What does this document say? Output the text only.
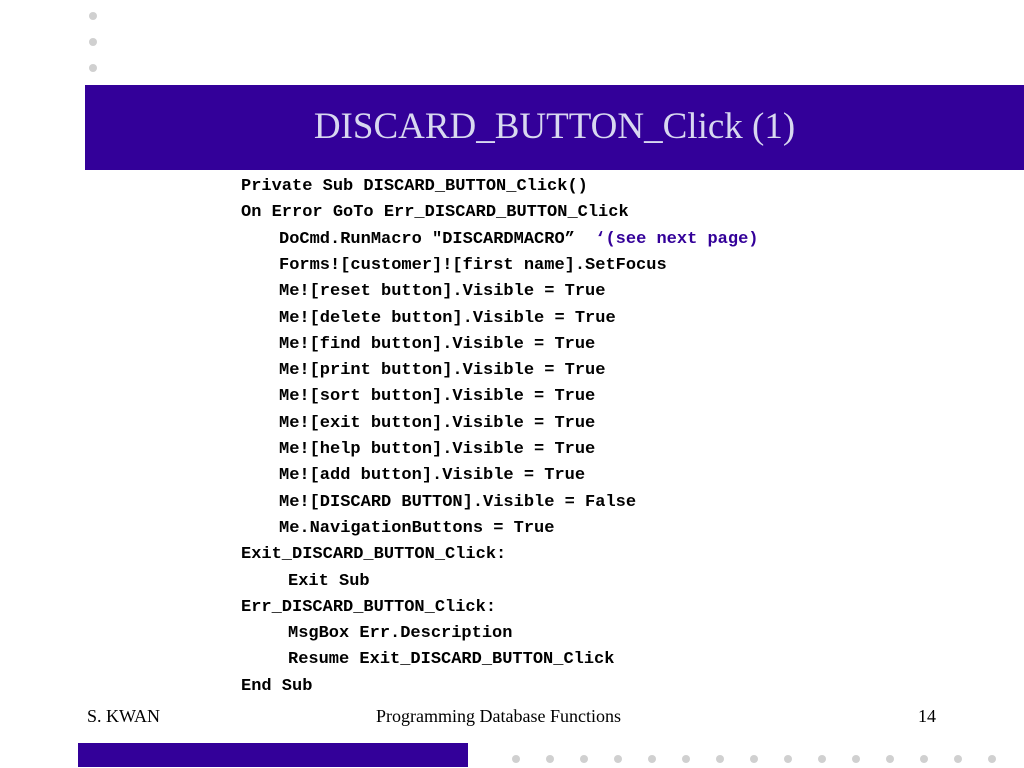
DISCARD_BUTTON_Click (1)
Private Sub DISCARD_BUTTON_Click()
On Error GoTo Err_DISCARD_BUTTON_Click
DoCmd.RunMacro "DISCARDMACRO” ‘(see next page)
Forms![customer]![first name].SetFocus
Me![reset button].Visible = True
Me![delete button].Visible = True
Me![find button].Visible = True
Me![print button].Visible = True
Me![sort button].Visible = True
Me![exit button].Visible = True
Me![help button].Visible = True
Me![add button].Visible = True
Me![DISCARD BUTTON].Visible = False
Me.NavigationButtons = True
Exit_DISCARD_BUTTON_Click:
Exit Sub
Err_DISCARD_BUTTON_Click:
MsgBox Err.Description
Resume Exit_DISCARD_BUTTON_Click
End Sub
S. KWAN	Programming Database Functions	14
